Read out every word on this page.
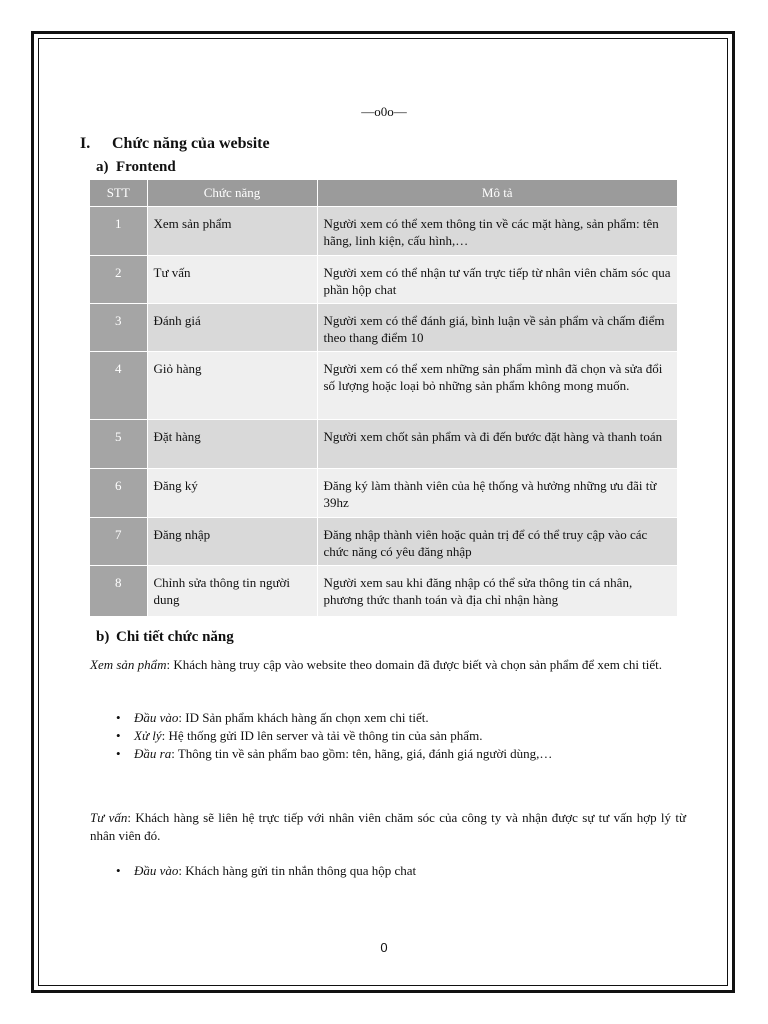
—o0o—
I. Chức năng của website
a) Frontend
STT	Chức năng	Mô tả
1	Xem sản phẩm	Người xem có thể xem thông tin về các mặt hàng, sản phẩm: tên hãng, linh kiện, cấu hình,…
2	Tư vấn	Người xem có thể nhận tư vấn trực tiếp từ nhân viên chăm sóc qua phần hộp chat
3	Đánh giá	Người xem có thể đánh giá, bình luận về sản phẩm và chấm điểm theo thang điểm 10
4	Giỏ hàng	Người xem có thể xem những sản phẩm mình đã chọn và sửa đổi số lượng hoặc loại bỏ những sản phẩm không mong muốn.
5	Đặt hàng	Người xem chốt sản phẩm và đi đến bước đặt hàng và thanh toán
6	Đăng ký	Đăng ký làm thành viên của hệ thống và hưởng những ưu đãi từ 39hz
7	Đăng nhập	Đăng nhập thành viên hoặc quản trị để có thể truy cập vào các chức năng có yêu đăng nhập
8	Chỉnh sửa thông tin người dung	Người xem sau khi đăng nhập có thể sửa thông tin cá nhân, phương thức thanh toán và địa chỉ nhận hàng
b) Chi tiết chức năng
Xem sản phẩm: Khách hàng truy cập vào website theo domain đã được biết và chọn sản phẩm để xem chi tiết.
• Đầu vào: ID Sản phẩm khách hàng ấn chọn xem chi tiết.
• Xử lý: Hệ thống gửi ID lên server và tải về thông tin của sản phẩm.
• Đầu ra: Thông tin về sản phẩm bao gồm: tên, hãng, giá, đánh giá người dùng,…
Tư vấn: Khách hàng sẽ liên hệ trực tiếp với nhân viên chăm sóc của công ty và nhận được sự tư vấn hợp lý từ nhân viên đó.
• Đầu vào: Khách hàng gửi tin nhắn thông qua hộp chat
0
